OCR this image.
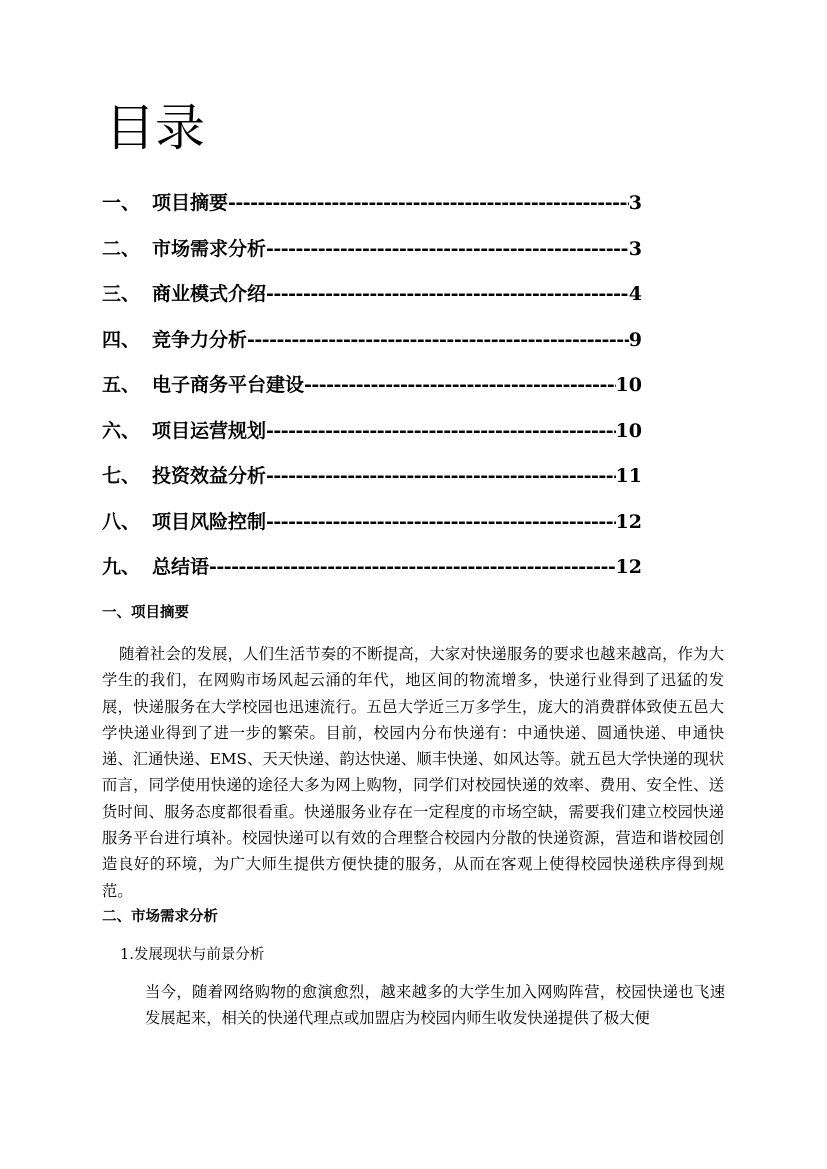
目录
一、 项目摘要 -----	3
二、 市场需求分析 -----	3
三、 商业模式介绍 -----	4
四、 竞争力分析 -----	9
五、 电子商务平台建设 -----	10
六、 项目运营规划 -----	10
七、 投资效益分析 -----	11
八、 项目风险控制 -----	12
九、 总结语 -----	12
一、项目摘要

随着社会的发展，人们生活节奏的不断提高，大家对快递服务的要求也越来越高，作为大学生的我们，在网购市场风起云涌的年代，地区间的物流增多，快递行业得到了迅猛的发展，快递服务在大学校园也迅速流行。五邑大学近三万多学生，庞大的消费群体致使五邑大学快递业得到了进一步的繁荣。目前，校园内分布快递有：中通快递、圆通快递、申通快递、汇通快递、EMS、天天快递、韵达快递、顺丰快递、如风达等。就五邑大学快递的现状而言，同学使用快递的途径大多为网上购物，同学们对校园快递的效率、费用、安全性、送货时间、服务态度都很看重。快递服务业存在一定程度的市场空缺，需要我们建立校园快递服务平台进行填补。校园快递可以有效的合理整合校园内分散的快递资源，营造和谐校园创造良好的环境，为广大师生提供方便快捷的服务，从而在客观上使得校园快递秩序得到规范。

二、市场需求分析

1.发展现状与前景分析

当今，随着网络购物的愈演愈烈，越来越多的大学生加入网购阵营，校园快递也飞速发展起来，相关的快递代理点或加盟店为校园内师生收发快递提供了极大便
